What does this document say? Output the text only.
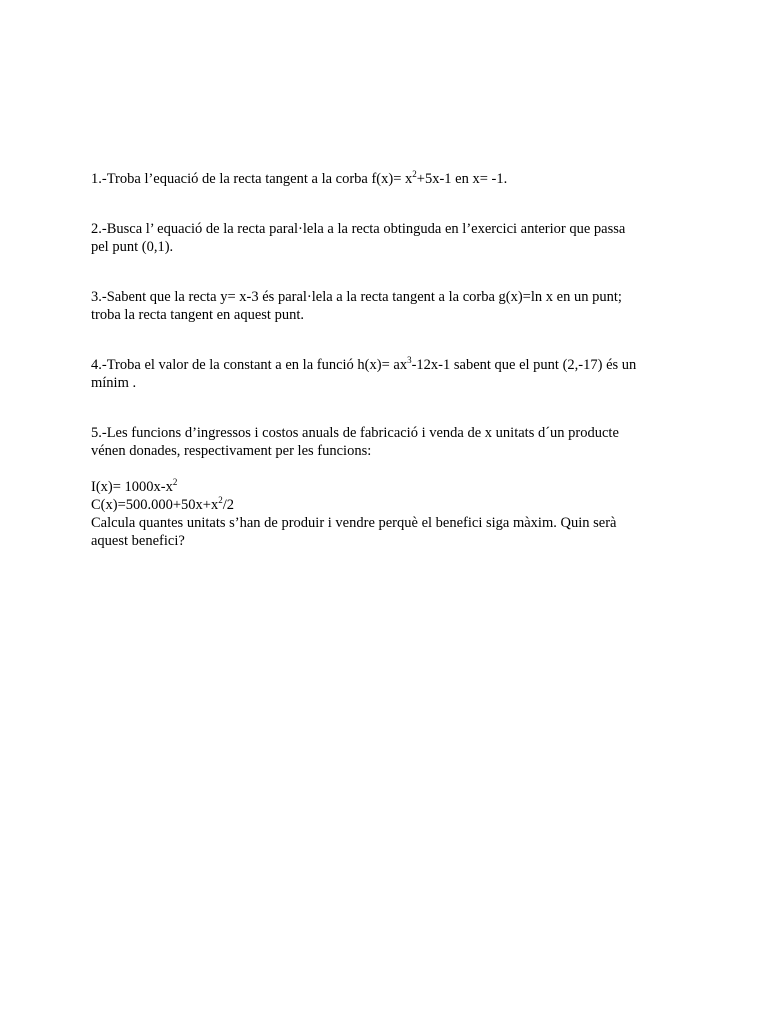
1.-Troba l’equació de la recta tangent a la corba $f(x)= x^2+5x-1$ en x= -1.

2.-Busca l’ equació de la recta paral·lela a la recta obtinguda en l’exercici anterior que passa

pel punt (0,1).

3.-Sabent que la recta y= x-3 és paral·lela a la recta tangent a la corba g(x)=ln x en un punt;

troba la recta tangent en aquest punt.

4.-Troba el valor de la constant a en la funció $h(x)= ax^3-12x-1$ sabent que el punt (2,-17) és un

mínim .

5.-Les funcions d’ingressos i costos anuals de fabricació i venda de x unitats d´un producte

vénen donades, respectivament per les funcions:

$I(x)= 1000x-x^2$

$C(x)=500.000+50x+x^2/2$

Calcula quantes unitats s’han de produir i vendre perquè el benefici siga màxim. Quin serà

aquest benefici?
